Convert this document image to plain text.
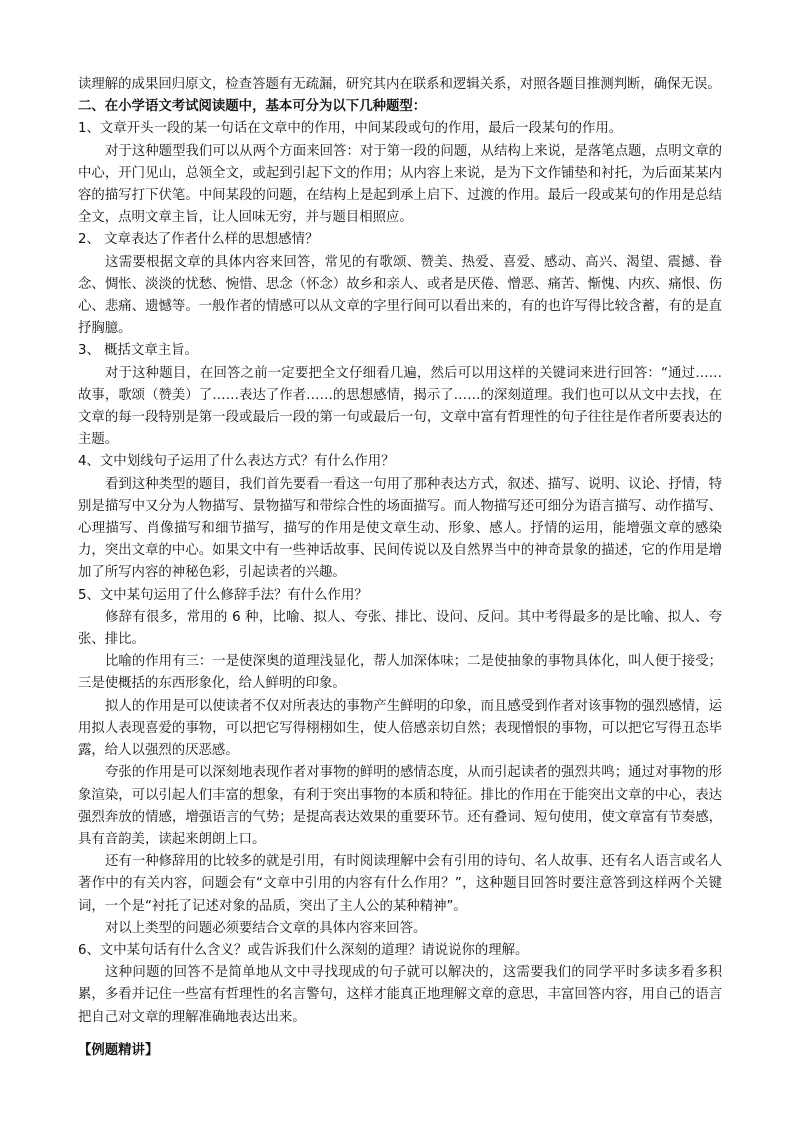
读理解的成果回归原文，检查答题有无疏漏，研究其内在联系和逻辑关系，对照各题目推测判断，确保无误。

二、在小学语文考试阅读题中，基本可分为以下几种题型：

1、文章开头一段的某一句话在文章中的作用，中间某段或句的作用，最后一段某句的作用。

对于这种题型我们可以从两个方面来回答：对于第一段的问题，从结构上来说，是落笔点题，点明文章的中心，开门见山，总领全文，或起到引起下文的作用；从内容上来说，是为下文作铺垫和衬托，为后面某某内容的描写打下伏笔。中间某段的问题，在结构上是起到承上启下、过渡的作用。最后一段或某句的作用是总结全文，点明文章主旨，让人回味无穷，并与题目相照应。

2、 文章表达了作者什么样的思想感情？

这需要根据文章的具体内容来回答，常见的有歌颂、赞美、热爱、喜爱、感动、高兴、渴望、震撼、眷念、惆怅、淡淡的忧愁、惋惜、思念（怀念）故乡和亲人、或者是厌倦、憎恶、痛苦、惭愧、内疚、痛恨、伤心、悲痛、遗憾等。一般作者的情感可以从文章的字里行间可以看出来的，有的也许写得比较含蓄，有的是直抒胸臆。

3、 概括文章主旨。

对于这种题目，在回答之前一定要把全文仔细看几遍，然后可以用这样的关键词来进行回答：“通过…… 故事，歌颂（赞美）了……表达了作者……的思想感情，揭示了……的深刻道理。我们也可以从文中去找，在文章的每一段特别是第一段或最后一段的第一句或最后一句，文章中富有哲理性的句子往往是作者所要表达的主题。

4、文中划线句子运用了什么表达方式？有什么作用？

看到这种类型的题目，我们首先要看一看这一句用了那种表达方式，叙述、描写、说明、议论、抒情，特别是描写中又分为人物描写、景物描写和带综合性的场面描写。而人物描写还可细分为语言描写、动作描写、心理描写、肖像描写和细节描写，描写的作用是使文章生动、形象、感人。抒情的运用，能增强文章的感染力，突出文章的中心。如果文中有一些神话故事、民间传说以及自然界当中的神奇景象的描述，它的作用是增加了所写内容的神秘色彩，引起读者的兴趣。

5、文中某句运用了什么修辞手法？有什么作用？

修辞有很多，常用的 6 种，比喻、拟人、夸张、排比、设问、反问。其中考得最多的是比喻、拟人、夸张、排比。

比喻的作用有三：一是使深奥的道理浅显化，帮人加深体味；二是使抽象的事物具体化，叫人便于接受；三是使概括的东西形象化，给人鲜明的印象。

拟人的作用是可以使读者不仅对所表达的事物产生鲜明的印象，而且感受到作者对该事物的强烈感情，运用拟人表现喜爱的事物，可以把它写得栩栩如生，使人倍感亲切自然；表现憎恨的事物，可以把它写得丑态毕露，给人以强烈的厌恶感。

夸张的作用是可以深刻地表现作者对事物的鲜明的感情态度，从而引起读者的强烈共鸣；通过对事物的形象渲染，可以引起人们丰富的想象，有利于突出事物的本质和特征。排比的作用在于能突出文章的中心，表达强烈奔放的情感，增强语言的气势；是提高表达效果的重要环节。还有叠词、短句使用，使文章富有节奏感，具有音韵美，读起来朗朗上口。

还有一种修辞用的比较多的就是引用，有时阅读理解中会有引用的诗句、名人故事、还有名人语言或名人著作中的有关内容，问题会有“文章中引用的内容有什么作用？”，这种题目回答时要注意答到这样两个关键词，一个是“衬托了记述对象的品质，突出了主人公的某种精神”。

对以上类型的问题必须要结合文章的具体内容来回答。

6、文中某句话有什么含义？或告诉我们什么深刻的道理？请说说你的理解。

这种问题的回答不是简单地从文中寻找现成的句子就可以解决的，这需要我们的同学平时多读多看多积累，多看并记住一些富有哲理性的名言警句，这样才能真正地理解文章的意思，丰富回答内容，用自己的语言把自己对文章的理解准确地表达出来。

【例题精讲】
